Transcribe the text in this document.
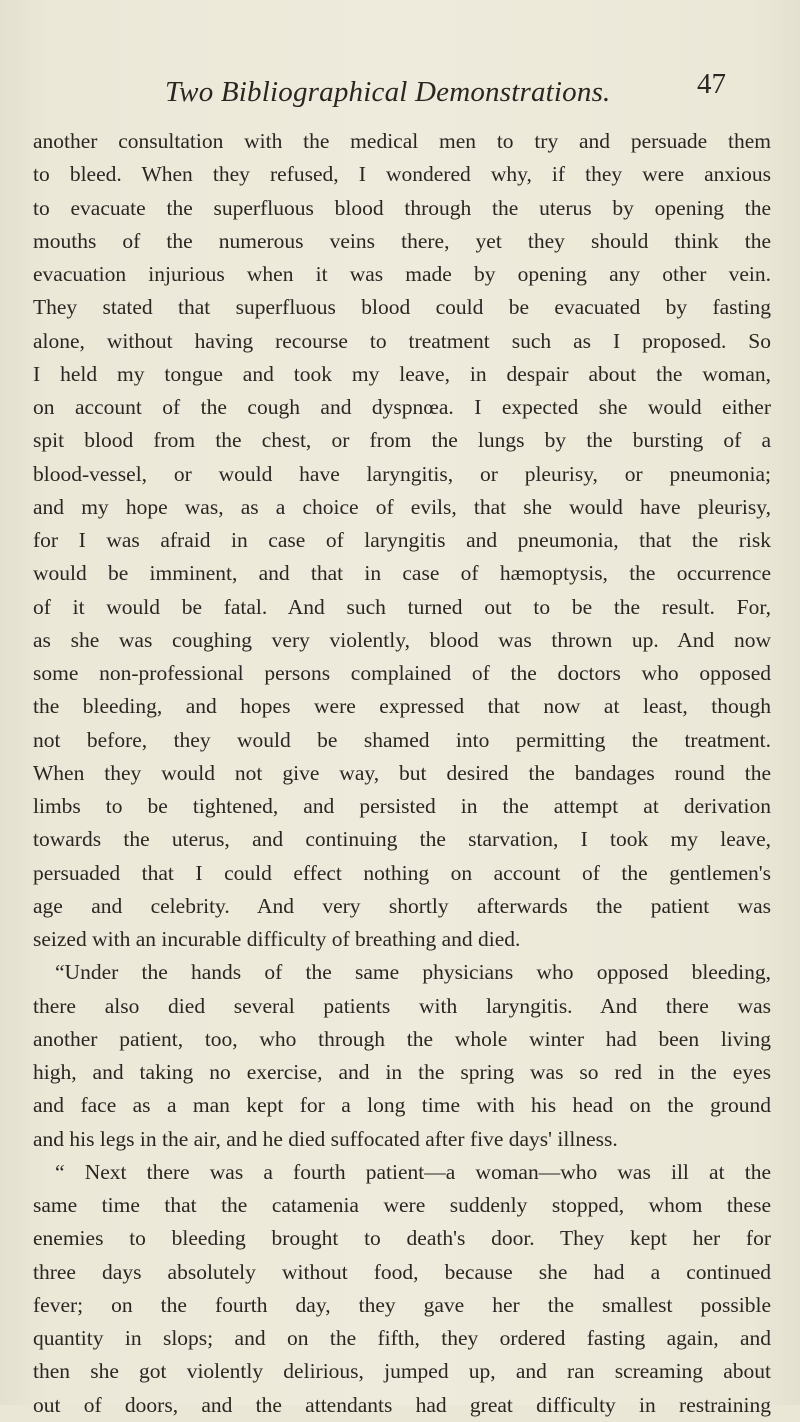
Two Bibliographical Demonstrations.	47
another consultation with the medical men to try and persuade them
to bleed. When they refused, I wondered why, if they were anxious
to evacuate the superfluous blood through the uterus by opening the
mouths of the numerous veins there, yet they should think the
evacuation injurious when it was made by opening any other vein.
They stated that superfluous blood could be evacuated by fasting
alone, without having recourse to treatment such as I proposed. So
I held my tongue and took my leave, in despair about the woman,
on account of the cough and dyspnœa. I expected she would either
spit blood from the chest, or from the lungs by the bursting of a
blood-vessel, or would have laryngitis, or pleurisy, or pneumonia;
and my hope was, as a choice of evils, that she would have pleurisy,
for I was afraid in case of laryngitis and pneumonia, that the risk
would be imminent, and that in case of hæmoptysis, the occurrence
of it would be fatal. And such turned out to be the result. For,
as she was coughing very violently, blood was thrown up. And now
some non-professional persons complained of the doctors who opposed
the bleeding, and hopes were expressed that now at least, though
not before, they would be shamed into permitting the treatment.
When they would not give way, but desired the bandages round the
limbs to be tightened, and persisted in the attempt at derivation
towards the uterus, and continuing the starvation, I took my leave,
persuaded that I could effect nothing on account of the gentlemen's
age and celebrity. And very shortly afterwards the patient was
seized with an incurable difficulty of breathing and died.
“Under the hands of the same physicians who opposed bleeding,
there also died several patients with laryngitis. And there was
another patient, too, who through the whole winter had been living
high, and taking no exercise, and in the spring was so red in the eyes
and face as a man kept for a long time with his head on the ground
and his legs in the air, and he died suffocated after five days' illness.
“ Next there was a fourth patient—a woman—who was ill at the
same time that the catamenia were suddenly stopped, whom these
enemies to bleeding brought to death's door. They kept her for
three days absolutely without food, because she had a continued
fever; on the fourth day, they gave her the smallest possible
quantity in slops; and on the fifth, they ordered fasting again, and
then she got violently delirious, jumped up, and ran screaming about
out of doors, and the attendants had great difficulty in restraining
